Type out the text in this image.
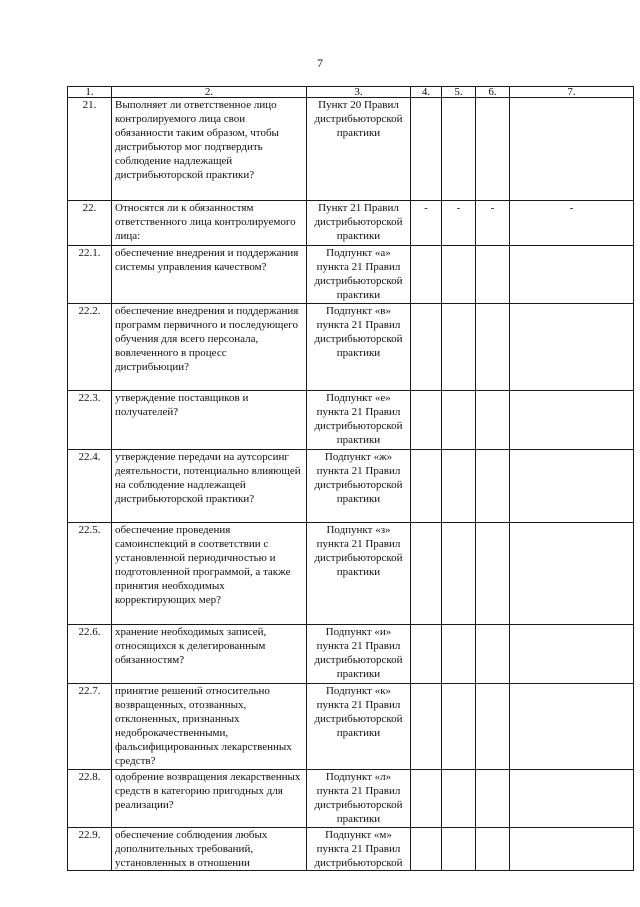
7
1.	2.	3.	4.	5.	6.	7.
21.	Выполняет ли ответственное лицо контролируемого лица свои обязанности таким образом, чтобы дистрибьютор мог подтвердить соблюдение надлежащей дистрибьюторской практики?	Пункт 20 Правил дистрибьюторской практики				
22.	Относятся ли к обязанностям ответственного лица контролируемого лица:	Пункт 21 Правил дистрибьюторской практики	-	-	-	-
22.1.	обеспечение внедрения и поддержания системы управления качеством?	Подпункт «а» пункта 21 Правил дистрибьюторской практики				
22.2.	обеспечение внедрения и поддержания программ первичного и последующего обучения для всего персонала, вовлеченного в процесс дистрибьюции?	Подпункт «в» пункта 21 Правил дистрибьюторской практики				
22.3.	утверждение поставщиков и получателей?	Подпункт «е» пункта 21 Правил дистрибьюторской практики				
22.4.	утверждение передачи на аутсорсинг деятельности, потенциально влияющей на соблюдение надлежащей дистрибьюторской практики?	Подпункт «ж» пункта 21 Правил дистрибьюторской практики				
22.5.	обеспечение проведения самоинспекций в соответствии с установленной периодичностью и подготовленной программой, а также принятия необходимых корректирующих мер?	Подпункт «з» пункта 21 Правил дистрибьюторской практики				
22.6.	хранение необходимых записей, относящихся к делегированным обязанностям?	Подпункт «и» пункта 21 Правил дистрибьюторской практики				
22.7.	принятие решений относительно возвращенных, отозванных, отклоненных, признанных недоброкачественными, фальсифицированных лекарственных средств?	Подпункт «к» пункта 21 Правил дистрибьюторской практики				
22.8.	одобрение возвращения лекарственных средств в категорию пригодных для реализации?	Подпункт «л» пункта 21 Правил дистрибьюторской практики				
22.9.	обеспечение соблюдения любых дополнительных требований, установленных в отношении	Подпункт «м» пункта 21 Правил дистрибьюторской				
